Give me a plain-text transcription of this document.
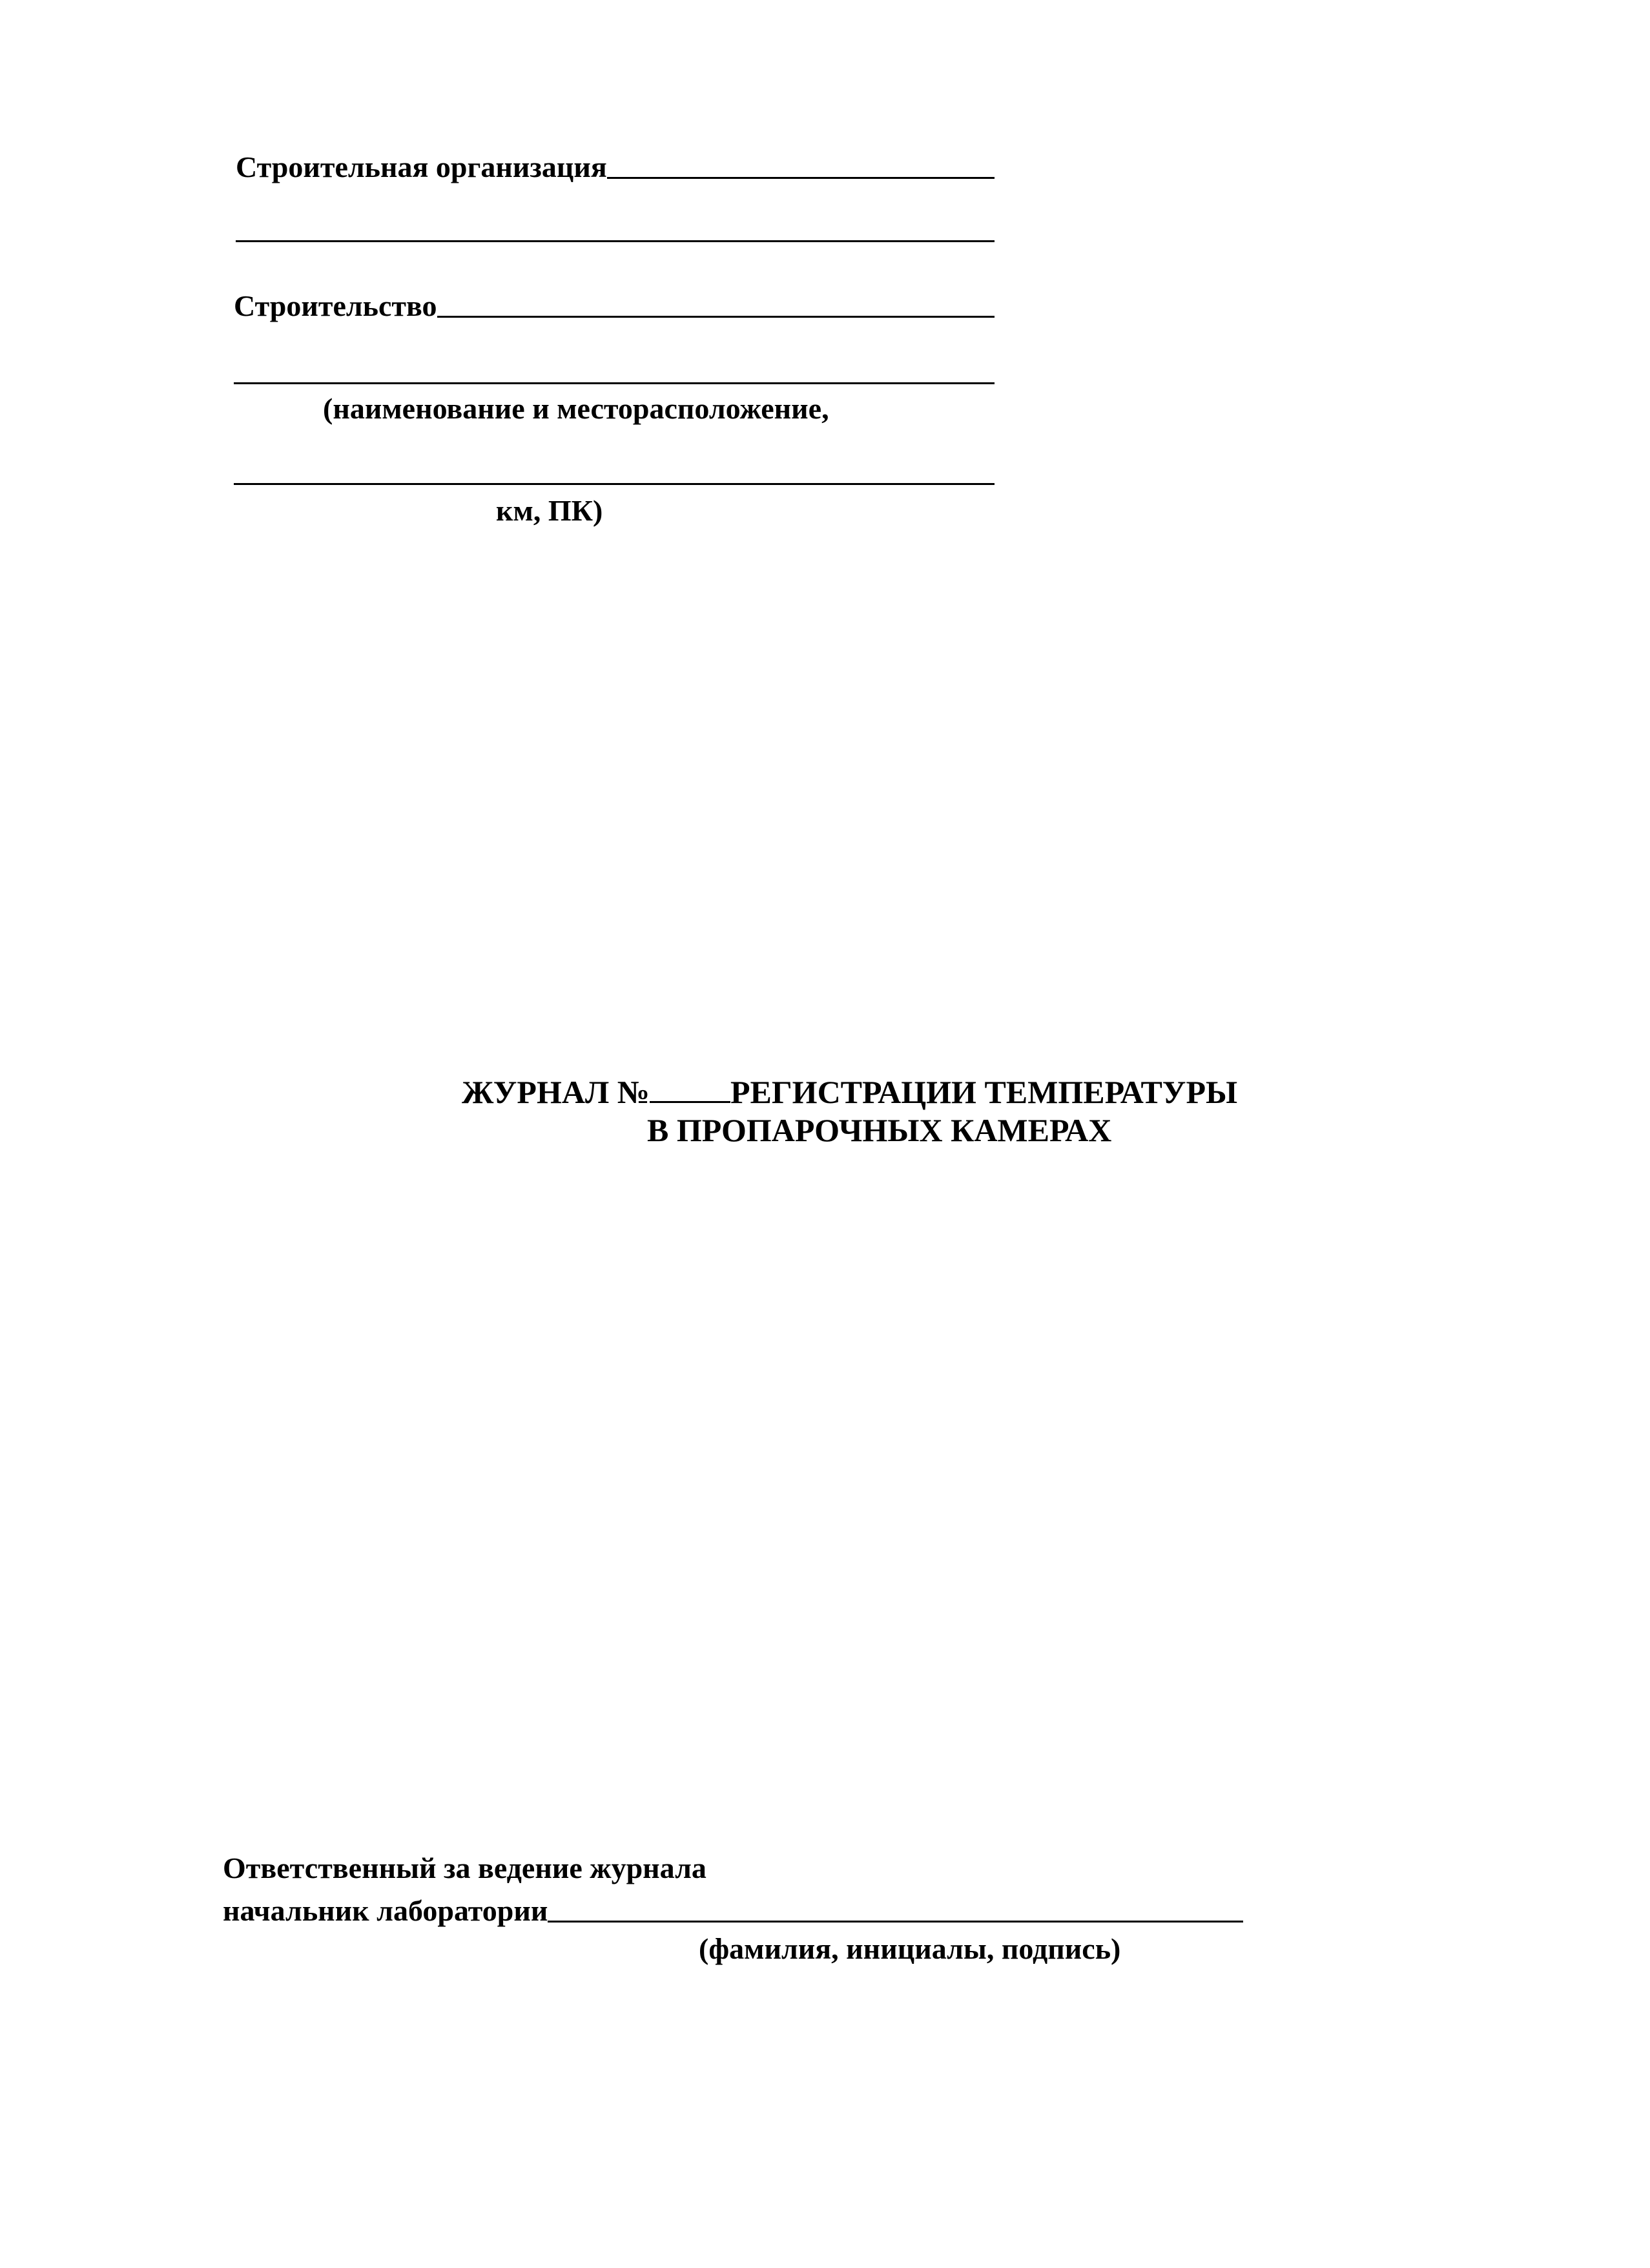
Строительная организация
Строительство
(наименование и месторасположение,
км, ПК)
ЖУРНАЛ №	РЕГИСТРАЦИИ ТЕМПЕРАТУРЫ
В ПРОПАРОЧНЫХ КАМЕРАХ
Ответственный за ведение журнала
начальник лаборатории
(фамилия, инициалы, подпись)
